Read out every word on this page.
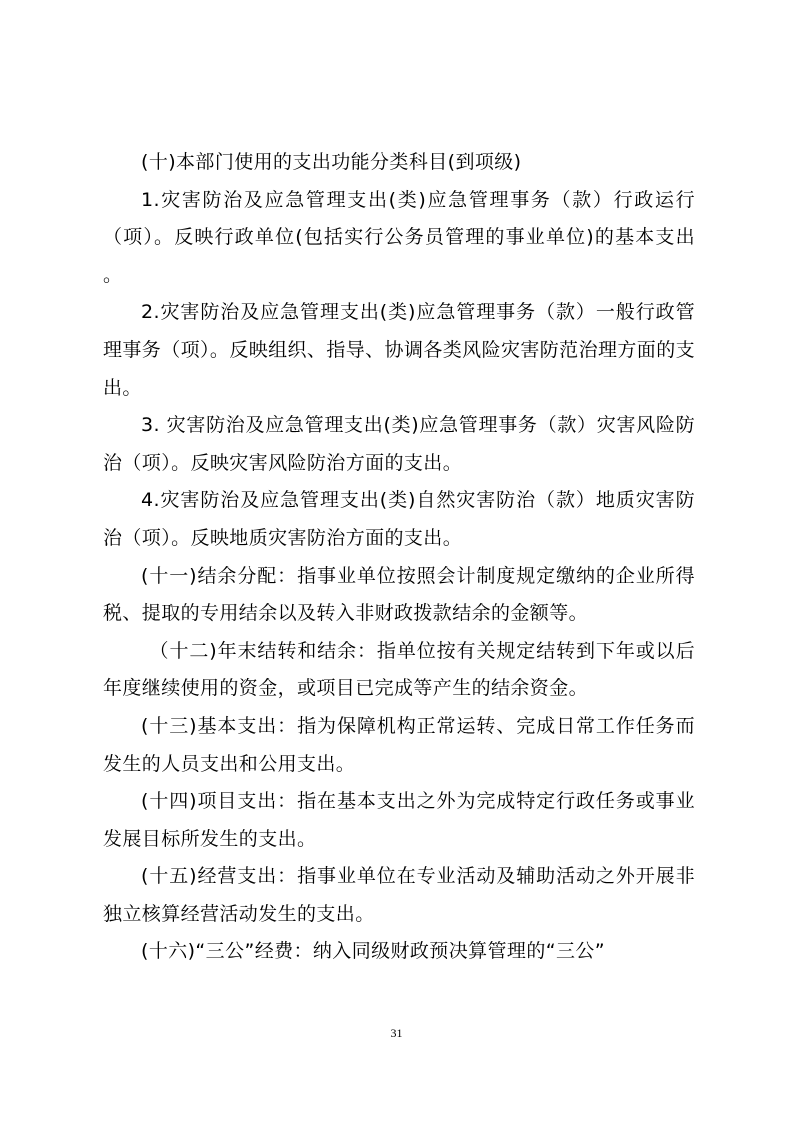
(十)本部门使用的支出功能分类科目(到项级)

1.灾害防治及应急管理支出(类)应急管理事务（款）行政运行（项）。反映行政单位(包括实行公务员管理的事业单位)的基本支出 。

2.灾害防治及应急管理支出(类)应急管理事务（款）一般行政管理事务（项）。反映组织、指导、协调各类风险灾害防范治理方面的支出。

3. 灾害防治及应急管理支出(类)应急管理事务（款）灾害风险防治（项）。反映灾害风险防治方面的支出。

4.灾害防治及应急管理支出(类)自然灾害防治（款）地质灾害防治（项）。反映地质灾害防治方面的支出。

(十一)结余分配：指事业单位按照会计制度规定缴纳的企业所得税、提取的专用结余以及转入非财政拨款结余的金额等。

（十二)年末结转和结余：指单位按有关规定结转到下年或以后年度继续使用的资金，或项目已完成等产生的结余资金。

(十三)基本支出：指为保障机构正常运转、完成日常工作任务而发生的人员支出和公用支出。

(十四)项目支出：指在基本支出之外为完成特定行政任务或事业发展目标所发生的支出。

(十五)经营支出：指事业单位在专业活动及辅助活动之外开展非独立核算经营活动发生的支出。

(十六)“三公”经费：纳入同级财政预决算管理的“三公”

31
